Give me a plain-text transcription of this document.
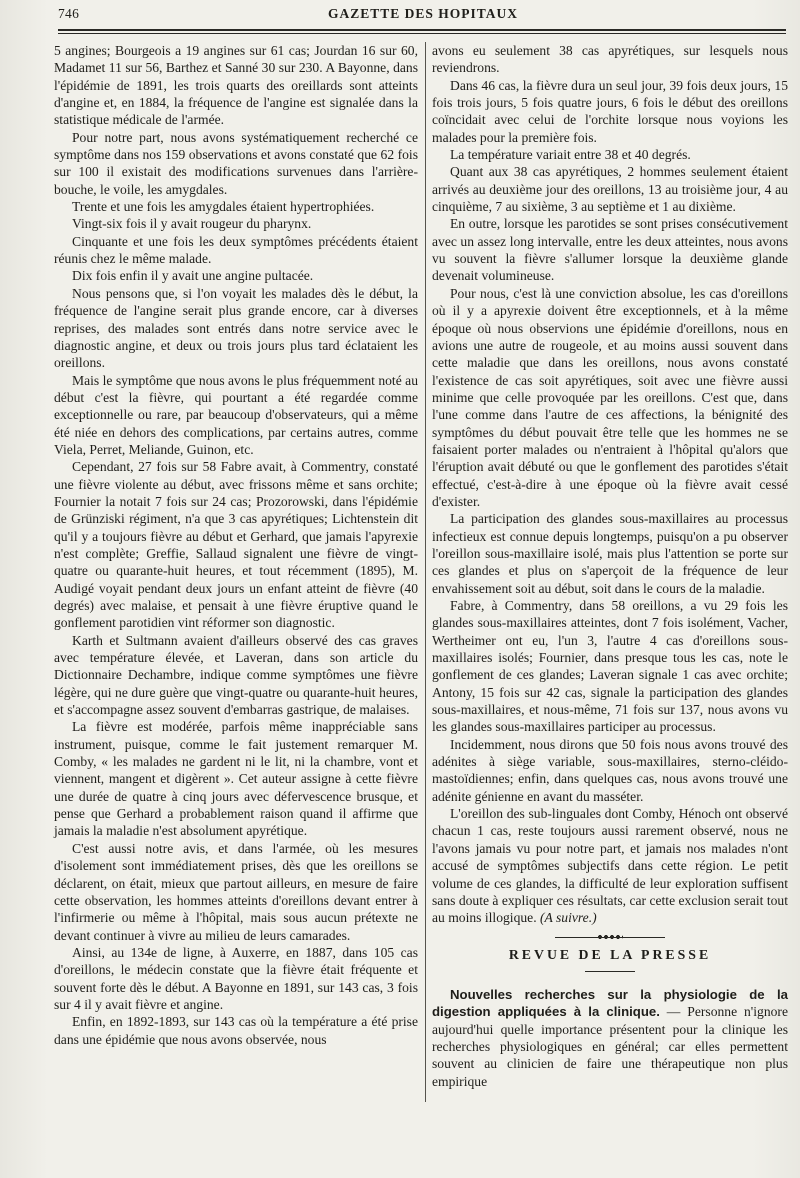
746	GAZETTE DES HOPITAUX

5 angines; Bourgeois a 19 angines sur 61 cas; Jourdan 16 sur 60, Madamet 11 sur 56, Barthez et Sanné 30 sur 230. A Bayonne, dans l'épidémie de 1891, les trois quarts des oreillards sont atteints d'angine et, en 1884, la fréquence de l'angine est signalée dans la statistique médicale de l'armée.

Pour notre part, nous avons systématiquement recherché ce symptôme dans nos 159 observations et avons constaté que 62 fois sur 100 il existait des modifications survenues dans l'arrière-bouche, le voile, les amygdales.

Trente et une fois les amygdales étaient hypertrophiées.

Vingt-six fois il y avait rougeur du pharynx.

Cinquante et une fois les deux symptômes précédents étaient réunis chez le même malade.

Dix fois enfin il y avait une angine pultacée.

Nous pensons que, si l'on voyait les malades dès le début, la fréquence de l'angine serait plus grande encore, car à diverses reprises, des malades sont entrés dans notre service avec le diagnostic angine, et deux ou trois jours plus tard éclataient les oreillons.

Mais le symptôme que nous avons le plus fréquemment noté au début c'est la fièvre, qui pourtant a été regardée comme exceptionnelle ou rare, par beaucoup d'observateurs, qui a même été niée en dehors des complications, par certains autres, comme Viela, Perret, Meliande, Guinon, etc.

Cependant, 27 fois sur 58 Fabre avait, à Commentry, constaté une fièvre violente au début, avec frissons même et sans orchite; Fournier la notait 7 fois sur 24 cas; Prozorowski, dans l'épidémie de Grünziski régiment, n'a que 3 cas apyrétiques; Lichtenstein dit qu'il y a toujours fièvre au début et Gerhard, que jamais l'apyrexie n'est complète; Greffie, Sallaud signalent une fièvre de vingt-quatre ou quarante-huit heures, et tout récemment (1895), M. Audigé voyait pendant deux jours un enfant atteint de fièvre (40 degrés) avec malaise, et pensait à une fièvre éruptive quand le gonflement parotidien vint réformer son diagnostic.

Karth et Sultmann avaient d'ailleurs observé des cas graves avec température élevée, et Laveran, dans son article du Dictionnaire Dechambre, indique comme symptômes une fièvre légère, qui ne dure guère que vingt-quatre ou quarante-huit heures, et s'accompagne assez souvent d'embarras gastrique, de malaises.

La fièvre est modérée, parfois même inappréciable sans instrument, puisque, comme le fait justement remarquer M. Comby, « les malades ne gardent ni le lit, ni la chambre, vont et viennent, mangent et digèrent ». Cet auteur assigne à cette fièvre une durée de quatre à cinq jours avec défervescence brusque, et pense que Gerhard a probablement raison quand il affirme que jamais la maladie n'est absolument apyrétique.

C'est aussi notre avis, et dans l'armée, où les mesures d'isolement sont immédiatement prises, dès que les oreillons se déclarent, on était, mieux que partout ailleurs, en mesure de faire cette observation, les hommes atteints d'oreillons devant entrer à l'infirmerie ou même à l'hôpital, mais sous aucun prétexte ne devant continuer à vivre au milieu de leurs camarades.

Ainsi, au 134e de ligne, à Auxerre, en 1887, dans 105 cas d'oreillons, le médecin constate que la fièvre était fréquente et souvent forte dès le début. A Bayonne en 1891, sur 143 cas, 3 fois sur 4 il y avait fièvre et angine.

Enfin, en 1892-1893, sur 143 cas où la température a été prise dans une épidémie que nous avons observée, nous

avons eu seulement 38 cas apyrétiques, sur lesquels nous reviendrons.

Dans 46 cas, la fièvre dura un seul jour, 39 fois deux jours, 15 fois trois jours, 5 fois quatre jours, 6 fois le début des oreillons coïncidait avec celui de l'orchite lorsque nous voyions les malades pour la première fois.

La température variait entre 38 et 40 degrés.

Quant aux 38 cas apyrétiques, 2 hommes seulement étaient arrivés au deuxième jour des oreillons, 13 au troisième jour, 4 au cinquième, 7 au sixième, 3 au septième et 1 au dixième.

En outre, lorsque les parotides se sont prises consécutivement avec un assez long intervalle, entre les deux atteintes, nous avons vu souvent la fièvre s'allumer lorsque la deuxième glande devenait volumineuse.

Pour nous, c'est là une conviction absolue, les cas d'oreillons où il y a apyrexie doivent être exceptionnels, et à la même époque où nous observions une épidémie d'oreillons, nous en avions une autre de rougeole, et au moins aussi souvent dans cette maladie que dans les oreillons, nous avons constaté l'existence de cas soit apyrétiques, soit avec une fièvre aussi minime que celle provoquée par les oreillons. C'est que, dans l'une comme dans l'autre de ces affections, la bénignité des symptômes du début pouvait être telle que les hommes ne se faisaient porter malades ou n'entraient à l'hôpital qu'alors que l'éruption avait débuté ou que le gonflement des parotides s'était effectué, c'est-à-dire à une époque où la fièvre avait cessé d'exister.

La participation des glandes sous-maxillaires au processus infectieux est connue depuis longtemps, puisqu'on a pu observer l'oreillon sous-maxillaire isolé, mais plus l'attention se porte sur ces glandes et plus on s'aperçoit de la fréquence de leur envahissement soit au début, soit dans le cours de la maladie.

Fabre, à Commentry, dans 58 oreillons, a vu 29 fois les glandes sous-maxillaires atteintes, dont 7 fois isolément, Vacher, Wertheimer ont eu, l'un 3, l'autre 4 cas d'oreillons sous-maxillaires isolés; Fournier, dans presque tous les cas, note le gonflement de ces glandes; Laveran signale 1 cas avec orchite; Antony, 15 fois sur 42 cas, signale la participation des glandes sous-maxillaires, et nous-même, 71 fois sur 137, nous avons vu les glandes sous-maxillaires participer au processus.

Incidemment, nous dirons que 50 fois nous avons trouvé des adénites à siège variable, sous-maxillaires, sterno-cléido-mastoïdiennes; enfin, dans quelques cas, nous avons trouvé une adénite génienne en avant du masséter.

L'oreillon des sub-linguales dont Comby, Hénoch ont observé chacun 1 cas, reste toujours aussi rarement observé, nous ne l'avons jamais vu pour notre part, et jamais nos malades n'ont accusé de symptômes subjectifs dans cette région. Le petit volume de ces glandes, la difficulté de leur exploration suffisent sans doute à expliquer ces résultats, car cette exclusion serait tout au moins illogique. (A suivre.)

REVUE DE LA PRESSE

Nouvelles recherches sur la physiologie de la digestion appliquées à la clinique. — Personne n'ignore aujourd'hui quelle importance présentent pour la clinique les recherches physiologiques en général; car elles permettent souvent au clinicien de faire une thérapeutique non plus empirique
